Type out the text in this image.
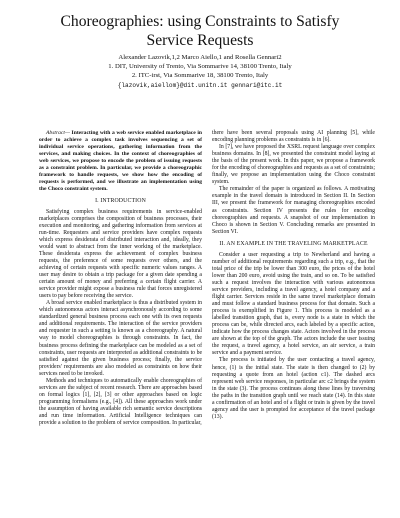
Choreographies: using Constraints to Satisfy
Service Requests
Alexander Lazovik,1,2 Marco Aiello,1 and Rosella Gennari2
1. DIT, University of Trento, Via Sommarive 14, 38100 Trento, Italy
2. ITC-irst, Via Sommarive 18, 38100 Trento, Italy
{lazovik,aiellom}@dit.unitn.it gennari@itc.it

Abstract— Interacting with a web service enabled marketplace in order to achieve a complex task involves sequencing a set of individual service operations, gathering information from the services, and making choices. In the context of choreographies of web services, we propose to encode the problem of issuing requests as a constraint problem. In particular, we provide a choreographic framework to handle requests, we show how the encoding of requests is performed, and we illustrate an implementation using the Choco constraint system.

I. INTRODUCTION

Satisfying complex business requirements in service-enabled marketplaces comprises the composition of business processes, their execution and monitoring, and gathering information from services at run-time. Requesters and service providers have complex requests which express desiderata of distributed interaction and, ideally, they would want to abstract from the inner working of the marketplace. These desiderata express the achievement of complex business requests, the preference of some requests over others, and the achieving of certain requests with specific numeric values ranges. A user may desire to obtain a trip package for a given date spending a certain amount of money and preferring a certain flight carrier. A service provider might expose a business rule that forces unregistered users to pay before receiving the service.

A broad service enabled marketplace is thus a distributed system in which autonomous actors interact asynchronously according to some standardized general business process each one with its own requests and additional requirements. The interaction of the service providers and requester in such a setting is known as a choreography. A natural way to model choreographies is through constraints. In fact, the business process defining the marketplace can be modeled as a set of constraints, user requests are interpreted as additional constraints to be satisfied against the given business process; finally, the service providers' requirements are also modeled as constraints on how their services need to be invoked.

Methods and techniques to automatically enable choreographies of services are the subject of recent research. There are approaches based on formal logics [1], [2], [3] or other approaches based on logic programming formalisms (e.g., [4]). All these approaches work under the assumption of having available rich semantic service descriptions and run time information. Artificial Intelligence techniques can provide a solution to the problem of service composition. In particular,

there have been several proposals using AI planning [5], while encoding planning problems as constraints is in [6].

In [7], we have proposed the XSRL request language over complex business domains. In [8], we presented the constraint model laying at the basis of the present work. In this paper, we propose a framework for the encoding of choreographies and requests as a set of constraints; finally, we propose an implementation using the Choco constraint system.

The remainder of the paper is organized as follows. A motivating example in the travel domain is introduced in Section II. In Section III, we present the framework for managing choreographies encoded as constraints. Section IV presents the rules for encoding choreographies and requests. A snapshot of our implementation in Choco is shown in Section V. Concluding remarks are presented in Section VI.

II. AN EXAMPLE IN THE TRAVELING MARKETPLACE

Consider a user requesting a trip to Newherland and having a number of additional requirements regarding such a trip, e.g., that the total price of the trip be lower than 300 euro, the prices of the hotel lower than 200 euro, avoid using the train, and so on. To be satisfied such a request involves the interaction with various autonomous service providers, including a travel agency, a hotel company and a flight carrier. Services reside in the same travel marketplace domain and must follow a standard business process for that domain. Such a process is exemplified in Figure 1. This process is modeled as a labelled transition graph, that is, every node is a state in which the process can be, while directed arcs, each labeled by a specific action, indicate how the process changes state. Actors involved in the process are shown at the top of the graph. The actors include the user issuing the request, a travel agency, a hotel service, an air service, a train service and a payment service.

The process is initiated by the user contacting a travel agency, hence, (1) is the initial state. The state is then changed to (2) by requesting a quote from an hotel (action c1). The dashed arcs represent web service responses, in particular arc c2 brings the system in the state (3). The process continues along these lines by traversing the paths in the transition graph until we reach state (14). In this state a confirmation of an hotel and of a flight or train is given by the travel agency and the user is prompted for acceptance of the travel package (13).
